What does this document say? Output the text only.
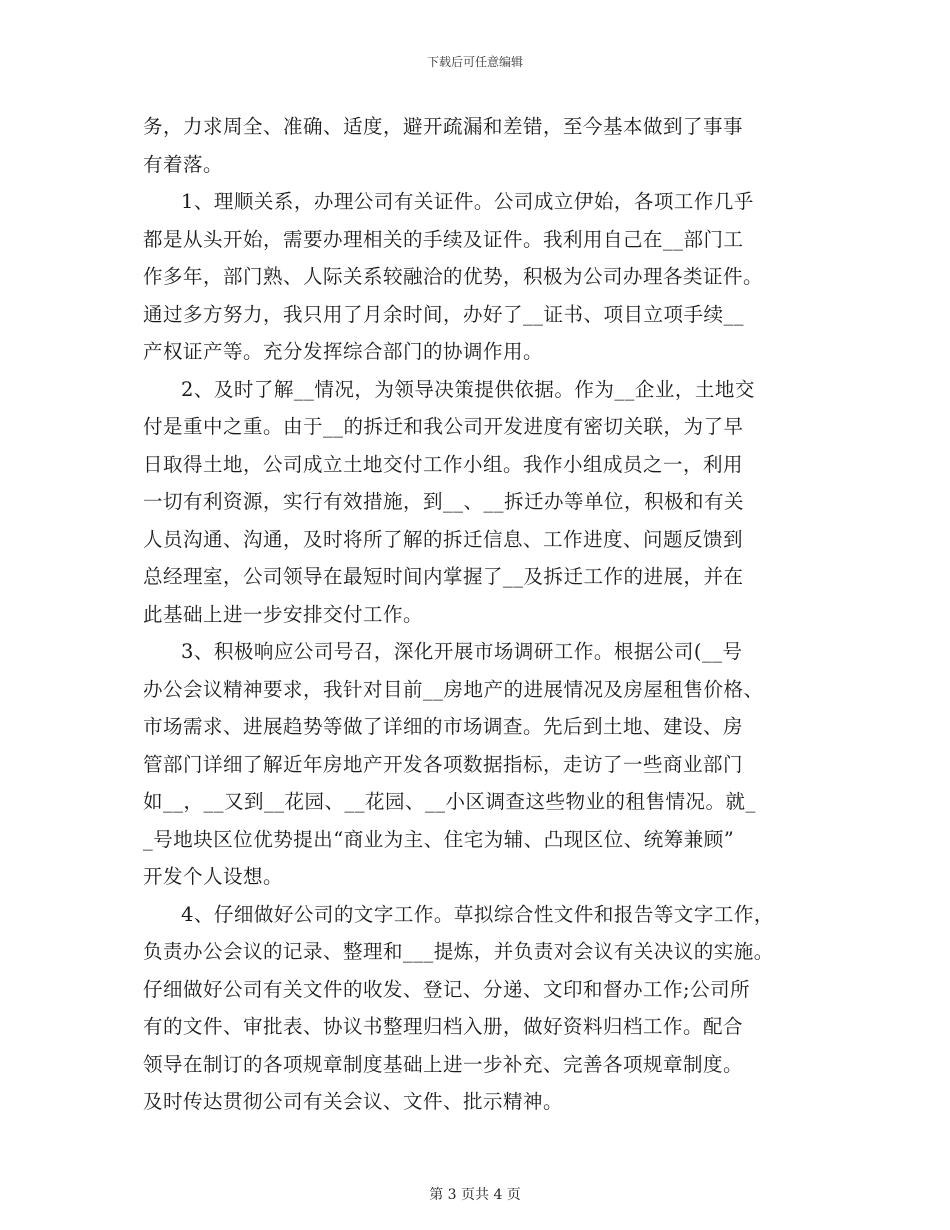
下载后可任意编辑
务，力求周全、准确、适度，避开疏漏和差错，至今基本做到了事事
有着落。
1、理顺关系，办理公司有关证件。公司成立伊始，各项工作几乎
都是从头开始，需要办理相关的手续及证件。我利用自己在__部门工
作多年，部门熟、人际关系较融洽的优势，积极为公司办理各类证件。
通过多方努力，我只用了月余时间，办好了__证书、项目立项手续__
产权证产等。充分发挥综合部门的协调作用。
2、及时了解__情况，为领导决策提供依据。作为__企业，土地交
付是重中之重。由于__的拆迁和我公司开发进度有密切关联，为了早
日取得土地，公司成立土地交付工作小组。我作小组成员之一，利用
一切有利资源，实行有效措施，到__、__拆迁办等单位，积极和有关
人员沟通、沟通，及时将所了解的拆迁信息、工作进度、问题反馈到
总经理室，公司领导在最短时间内掌握了__及拆迁工作的进展，并在
此基础上进一步安排交付工作。
3、积极响应公司号召，深化开展市场调研工作。根据公司(__号
办公会议精神要求，我针对目前__房地产的进展情况及房屋租售价格、
市场需求、进展趋势等做了详细的市场调查。先后到土地、建设、房
管部门详细了解近年房地产开发各项数据指标，走访了一些商业部门
如__，__又到__花园、__花园、__小区调查这些物业的租售情况。就_
_号地块区位优势提出“商业为主、住宅为辅、凸现区位、统筹兼顾”
开发个人设想。
4、仔细做好公司的文字工作。草拟综合性文件和报告等文字工作，
负责办公会议的记录、整理和___提炼，并负责对会议有关决议的实施。
仔细做好公司有关文件的收发、登记、分递、文印和督办工作;公司所
有的文件、审批表、协议书整理归档入册，做好资料归档工作。配合
领导在制订的各项规章制度基础上进一步补充、完善各项规章制度。
及时传达贯彻公司有关会议、文件、批示精神。
第 3 页共 4 页
